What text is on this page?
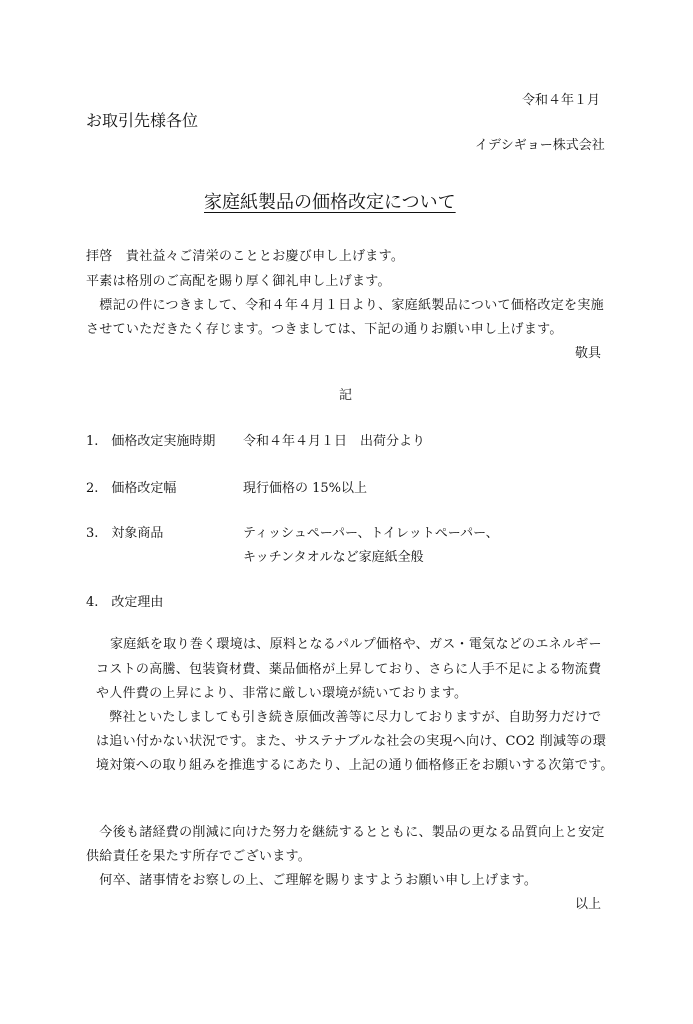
令和４年１月
お取引先様各位
イデシギョー株式会社
家庭紙製品の価格改定について
拝啓　貴社益々ご清栄のこととお慶び申し上げます。
平素は格別のご高配を賜り厚く御礼申し上げます。
　標記の件につきまして、令和４年４月１日より、家庭紙製品について価格改定を実施
させていただきたく存じます。つきましては、下記の通りお願い申し上げます。
敬具
記
1.　価格改定実施時期 令和４年４月１日　出荷分より
2.　価格改定幅	現行価格の 15%以上
3.　対象商品	ティッシュペーパー、トイレットペーパー、
キッチンタオルなど家庭紙全般
4.　改定理由
家庭紙を取り巻く環境は、原料となるパルプ価格や、ガス・電気などのエネルギー
コストの高騰、包装資材費、薬品価格が上昇しており、さらに人手不足による物流費
や人件費の上昇により、非常に厳しい環境が続いております。
　弊社といたしましても引き続き原価改善等に尽力しておりますが、自助努力だけで
は追い付かない状況です。また、サステナブルな社会の実現へ向け、CO2 削減等の環
境対策への取り組みを推進するにあたり、上記の通り価格修正をお願いする次第です。
　今後も諸経費の削減に向けた努力を継続するとともに、製品の更なる品質向上と安定
供給責任を果たす所存でございます。
　何卒、諸事情をお察しの上、ご理解を賜りますようお願い申し上げます。
以上
